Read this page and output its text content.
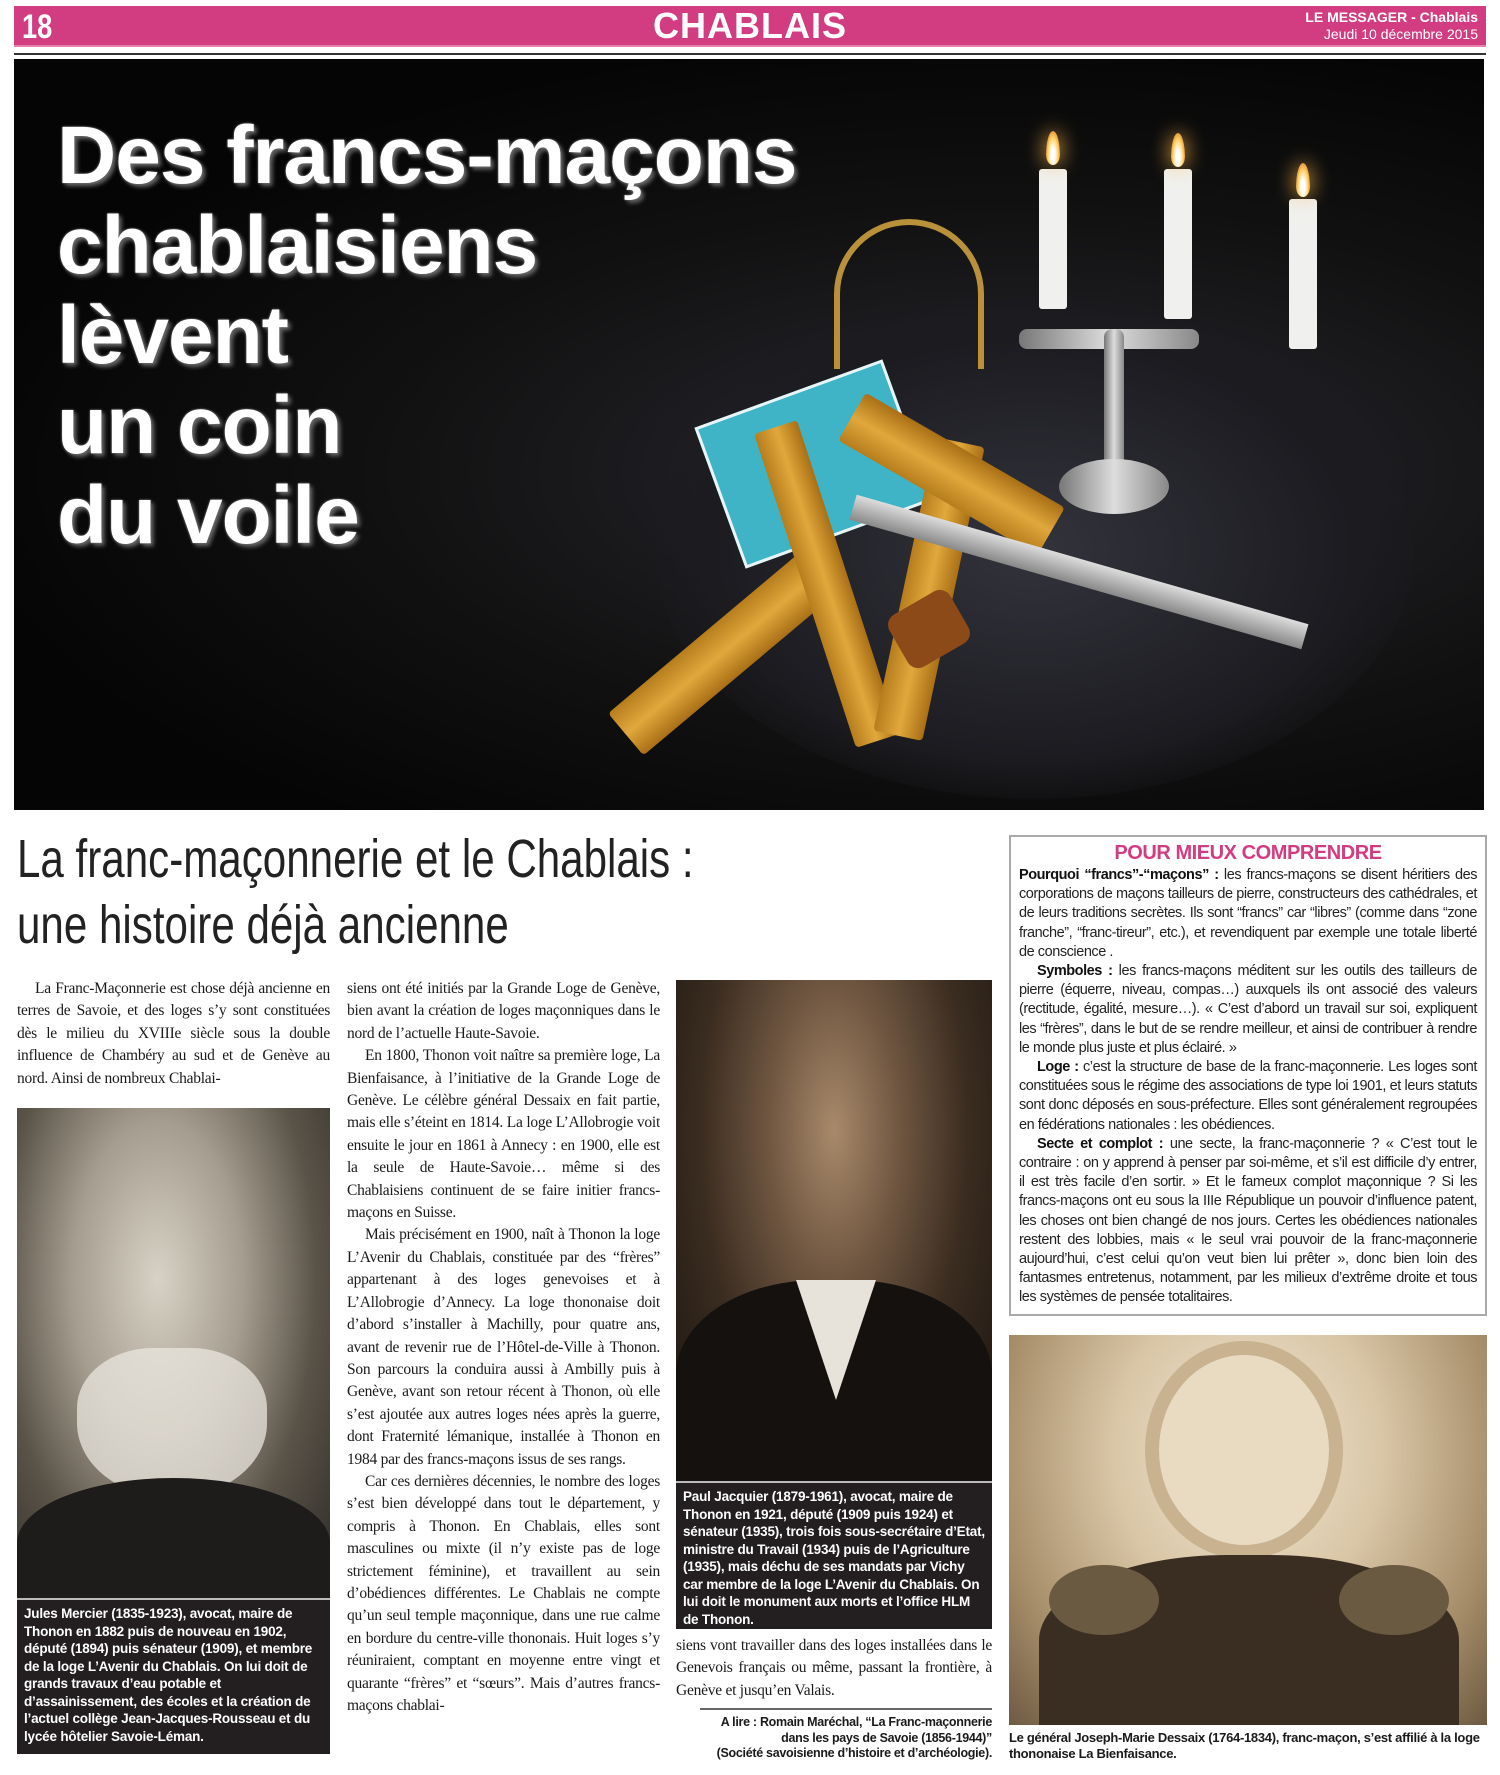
18	CHABLAIS	LE MESSAGER - Chablais
Jeudi 10 décembre 2015
Des francs-maçons
chablaisiens
lèvent
un coin
du voile
La franc-maçonnerie et le Chablais :
une histoire déjà ancienne

La Franc-Maçonnerie est chose déjà ancienne en terres de Savoie, et des loges s’y sont constituées dès le milieu du XVIIIe siècle sous la double influence de Chambéry au sud et de Genève au nord. Ainsi de nombreux Chablai-

Jules Mercier (1835-1923), avocat, maire de Thonon en 1882 puis de nouveau en 1902, député (1894) puis sénateur (1909), et membre de la loge L’Avenir du Chablais. On lui doit de grands travaux d’eau potable et d’assainissement, des écoles et la création de l’actuel collège Jean-Jacques-Rousseau et du lycée hôtelier Savoie-Léman.

siens ont été initiés par la Grande Loge de Genève, bien avant la création de loges maçonniques dans le nord de l’actuelle Haute-Savoie.

En 1800, Thonon voit naître sa première loge, La Bienfaisance, à l’initiative de la Grande Loge de Genève. Le célèbre général Dessaix en fait partie, mais elle s’éteint en 1814. La loge L’Allobrogie voit ensuite le jour en 1861 à Annecy : en 1900, elle est la seule de Haute-Savoie… même si des Chablaisiens continuent de se faire initier francs-maçons en Suisse.

Mais précisément en 1900, naît à Thonon la loge L’Avenir du Chablais, constituée par des “frères” appartenant à des loges genevoises et à L’Allobrogie d’Annecy. La loge thononaise doit d’abord s’installer à Machilly, pour quatre ans, avant de revenir rue de l’Hôtel-de-Ville à Thonon. Son parcours la conduira aussi à Ambilly puis à Genève, avant son retour récent à Thonon, où elle s’est ajoutée aux autres loges nées après la guerre, dont Fraternité lémanique, installée à Thonon en 1984 par des francs-maçons issus de ses rangs.

Car ces dernières décennies, le nombre des loges s’est bien développé dans tout le département, y compris à Thonon. En Chablais, elles sont masculines ou mixte (il n’y existe pas de loge strictement féminine), et travaillent au sein d’obédiences différentes. Le Chablais ne compte qu’un seul temple maçonnique, dans une rue calme en bordure du centre-ville thononais. Huit loges s’y réuniraient, comptant en moyenne entre vingt et quarante “frères” et “sœurs”. Mais d’autres francs-maçons chablai-

Paul Jacquier (1879-1961), avocat, maire de Thonon en 1921, député (1909 puis 1924) et sénateur (1935), trois fois sous-secrétaire d’Etat, ministre du Travail (1934) puis de l’Agriculture (1935), mais déchu de ses mandats par Vichy car membre de la loge L’Avenir du Chablais. On lui doit le monument aux morts et l’office HLM de Thonon.

siens vont travailler dans des loges installées dans le Genevois français ou même, passant la frontière, à Genève et jusqu’en Valais.

A lire : Romain Maréchal, “La Franc-maçonnerie
dans les pays de Savoie (1856-1944)”
(Société savoisienne d’histoire et d’archéologie).
POUR MIEUX COMPRENDRE

Pourquoi “francs”-“maçons” : les francs-maçons se disent héritiers des corporations de maçons tailleurs de pierre, constructeurs des cathédrales, et de leurs traditions secrètes. Ils sont “francs” car “libres” (comme dans “zone franche”, “franc-tireur”, etc.), et revendiquent par exemple une totale liberté de conscience .

Symboles : les francs-maçons méditent sur les outils des tailleurs de pierre (équerre, niveau, compas…) auxquels ils ont associé des valeurs (rectitude, égalité, mesure…). « C’est d’abord un travail sur soi, expliquent les “frères”, dans le but de se rendre meilleur, et ainsi de contribuer à rendre le monde plus juste et plus éclairé. »

Loge : c’est la structure de base de la franc-maçonnerie. Les loges sont constituées sous le régime des associations de type loi 1901, et leurs statuts sont donc déposés en sous-préfecture. Elles sont généralement regroupées en fédérations nationales : les obédiences.

Secte et complot : une secte, la franc-maçonnerie ? « C’est tout le contraire : on y apprend à penser par soi-même, et s’il est difficile d’y entrer, il est très facile d’en sortir. » Et le fameux complot maçonnique ? Si les francs-maçons ont eu sous la IIIe République un pouvoir d’influence patent, les choses ont bien changé de nos jours. Certes les obédiences nationales restent des lobbies, mais « le seul vrai pouvoir de la franc-maçonnerie aujourd’hui, c’est celui qu’on veut bien lui prêter », donc bien loin des fantasmes entretenus, notamment, par les milieux d’extrême droite et tous les systèmes de pensée totalitaires.

Le général Joseph-Marie Dessaix (1764-1834), franc-maçon, s’est affilié à la loge thononaise La Bienfaisance.
